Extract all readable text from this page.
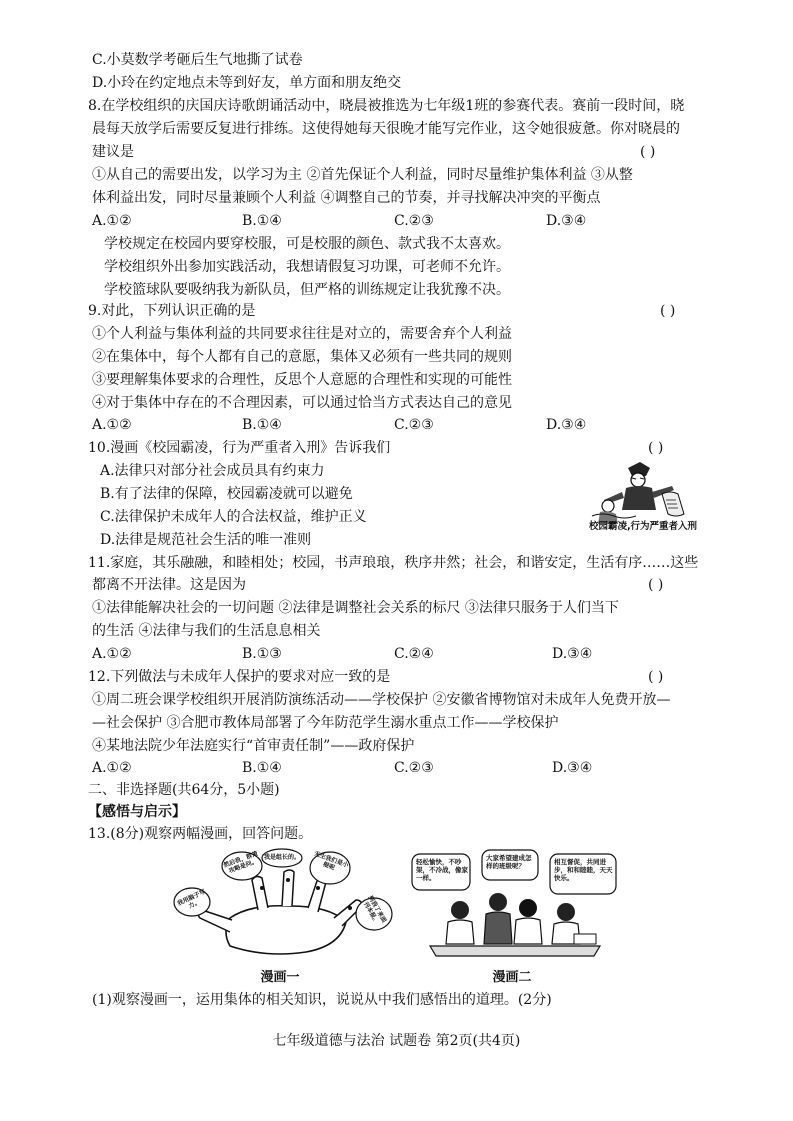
C.小莫数学考砸后生气地撕了试卷
D.小玲在约定地点未等到好友，单方面和朋友绝交
8.在学校组织的庆国庆诗歌朗诵活动中，晓晨被推选为七年级1班的参赛代表。赛前一段时间，晓
晨每天放学后需要反复进行排练。这使得她每天很晚才能写完作业，这令她很疲惫。你对晓晨的
建议是	( )
①从自己的需要出发，以学习为主 ②首先保证个人利益，同时尽量维护集体利益 ③从整
体利益出发，同时尽量兼顾个人利益 ④调整自己的节奏，并寻找解决冲突的平衡点
A.①②	B.①④	C.②③	D.③④
学校规定在校园内要穿校服，可是校服的颜色、款式我不太喜欢。
学校组织外出参加实践活动，我想请假复习功课，可老师不允许。
学校篮球队要吸纳我为新队员，但严格的训练规定让我犹豫不决。
9.对此，下列认识正确的是	( )
①个人利益与集体利益的共同要求往往是对立的，需要舍弃个人利益
②在集体中，每个人都有自己的意愿，集体又必须有一些共同的规则
③要理解集体要求的合理性，反思个人意愿的合理性和实现的可能性
④对于集体中存在的不合理因素，可以通过恰当方式表达自己的意见
A.①②	B.①④	C.②③	D.③④
10.漫画《校园霸凌，行为严重者入刑》告诉我们	( )
A.法律只对部分社会成员具有约束力
B.有了法律的保障，校园霸凌就可以避免
C.法律保护未成年人的合法权益，维护正义
D.法律是规范社会生活的唯一准则
校园霸凌,行为严重者入刑
11.家庭，其乐融融，和睦相处；校园，书声琅琅，秩序井然；社会，和谐安定，生活有序……这些
都离不开法律。这是因为	( )
①法律能解决社会的一切问题 ②法律是调整社会关系的标尺 ③法律只服务于人们当下
的生活 ④法律与我们的生活息息相关
A.①②	B.①③	C.②④	D.③④
12.下列做法与未成年人保护的要求对应一致的是	( )
①周二班会课学校组织开展消防演练活动——学校保护 ②安徽省博物馆对未成年人免费开放—
—社会保护 ③合肥市教体局部署了今年防范学生溺水重点工作——学校保护
④某地法院少年法庭实行“首审责任制”——政府保护
A.①②	B.①④	C.②③	D.③④
二、非选择题(共64分，5小题)
【感悟与启示】
13.(8分)观察两幅漫画，回答问题。
我用脑子写力。
然后我，群策攻略是问。
我是组长的。	无生我们是小棍呢
到我了来面刊本报。
漫画一
轻松愉快，不吵架，不冷战，像家一样。
大家希望建成怎样的班级呢？	相互督促，共同进步，和和睦睦，天天快乐。
漫画二
(1)观察漫画一，运用集体的相关知识，说说从中我们感悟出的道理。(2分)
七年级道德与法治 试题卷 第2页(共4页)
